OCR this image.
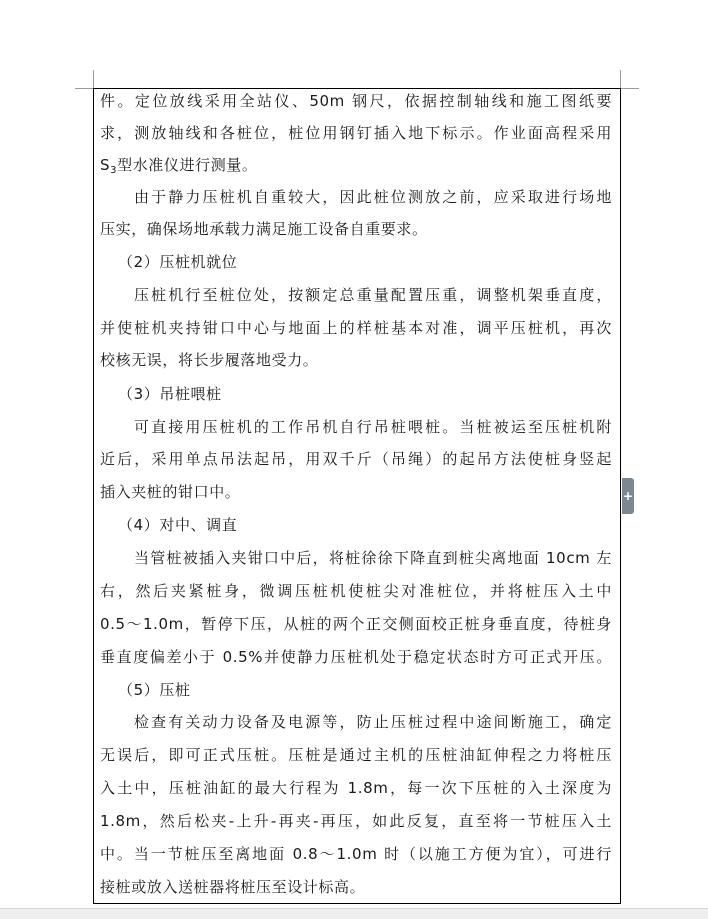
件。定位放线采用全站仪、50m 钢尺，依据控制轴线和施工图纸要
求，测放轴线和各桩位，桩位用钢钉插入地下标示。作业面高程采用
$S_3$型水准仪进行测量。
由于静力压桩机自重较大，因此桩位测放之前，应采取进行场地
压实，确保场地承载力满足施工设备自重要求。
（2）压桩机就位
压桩机行至桩位处，按额定总重量配置压重，调整机架垂直度，
并使桩机夹持钳口中心与地面上的样桩基本对准，调平压桩机，再次
校核无误，将长步履落地受力。
（3）吊桩喂桩
可直接用压桩机的工作吊机自行吊桩喂桩。当桩被运至压桩机附
近后，采用单点吊法起吊，用双千斤（吊绳）的起吊方法使桩身竖起
插入夹桩的钳口中。
（4）对中、调直
当管桩被插入夹钳口中后，将桩徐徐下降直到桩尖离地面 10cm 左
右，然后夹紧桩身，微调压桩机使桩尖对准桩位，并将桩压入土中
0.5～1.0m，暂停下压，从桩的两个正交侧面校正桩身垂直度，待桩身
垂直度偏差小于 0.5%并使静力压桩机处于稳定状态时方可正式开压。
（5）压桩
检查有关动力设备及电源等，防止压桩过程中途间断施工，确定
无误后，即可正式压桩。压桩是通过主机的压桩油缸伸程之力将桩压
入土中，压桩油缸的最大行程为 1.8m，每一次下压桩的入土深度为
1.8m，然后松夹-上升-再夹-再压，如此反复，直至将一节桩压入土
中。当一节桩压至离地面 0.8～1.0m 时（以施工方便为宜），可进行
接桩或放入送桩器将桩压至设计标高。
+
